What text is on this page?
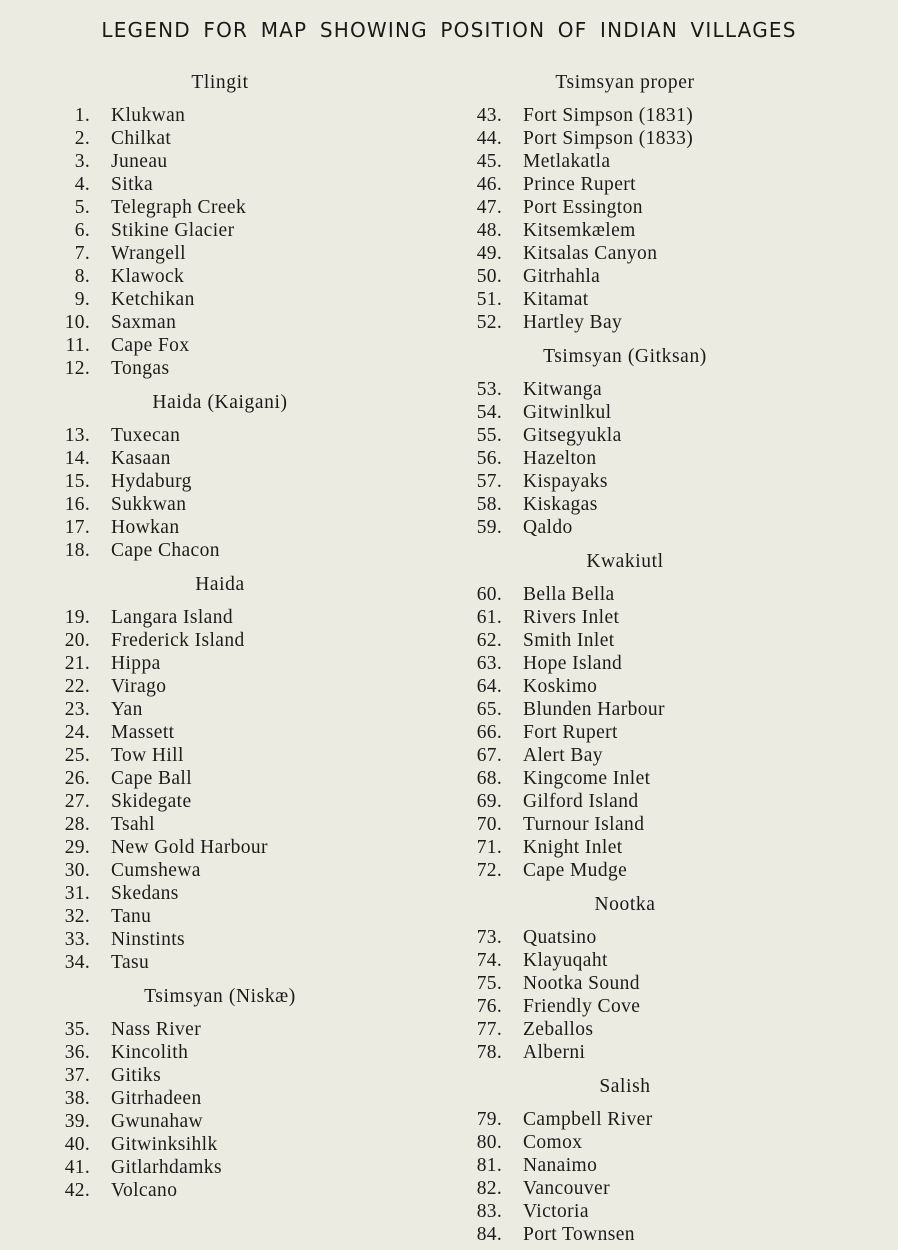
LEGEND FOR MAP SHOWING POSITION OF INDIAN VILLAGES
Tlingit
1.	Klukwan
2.	Chilkat
3.	Juneau
4.	Sitka
5.	Telegraph Creek
6.	Stikine Glacier
7.	Wrangell
8.	Klawock
9.	Ketchikan
10.	Saxman
11.	Cape Fox
12.	Tongas
Haida (Kaigani)
13.	Tuxecan
14.	Kasaan
15.	Hydaburg
16.	Sukkwan
17.	Howkan
18.	Cape Chacon
Haida
19.	Langara Island
20.	Frederick Island
21.	Hippa
22.	Virago
23.	Yan
24.	Massett
25.	Tow Hill
26.	Cape Ball
27.	Skidegate
28.	Tsahl
29.	New Gold Harbour
30.	Cumshewa
31.	Skedans
32.	Tanu
33.	Ninstints
34.	Tasu
Tsimsyan (Niskæ)
35.	Nass River
36.	Kincolith
37.	Gitiks
38.	Gitrhadeen
39.	Gwunahaw
40.	Gitwinksihlk
41.	Gitlarhdamks
42.	Volcano
Tsimsyan proper
43.	Fort Simpson (1831)
44.	Port Simpson (1833)
45.	Metlakatla
46.	Prince Rupert
47.	Port Essington
48.	Kitsemkælem
49.	Kitsalas Canyon
50.	Gitrhahla
51.	Kitamat
52.	Hartley Bay
Tsimsyan (Gitksan)
53.	Kitwanga
54.	Gitwinlkul
55.	Gitsegyukla
56.	Hazelton
57.	Kispayaks
58.	Kiskagas
59.	Qaldo
Kwakiutl
60.	Bella Bella
61.	Rivers Inlet
62.	Smith Inlet
63.	Hope Island
64.	Koskimo
65.	Blunden Harbour
66.	Fort Rupert
67.	Alert Bay
68.	Kingcome Inlet
69.	Gilford Island
70.	Turnour Island
71.	Knight Inlet
72.	Cape Mudge
Nootka
73.	Quatsino
74.	Klayuqaht
75.	Nootka Sound
76.	Friendly Cove
77.	Zeballos
78.	Alberni
Salish
79.	Campbell River
80.	Comox
81.	Nanaimo
82.	Vancouver
83.	Victoria
84.	Port Townsen
